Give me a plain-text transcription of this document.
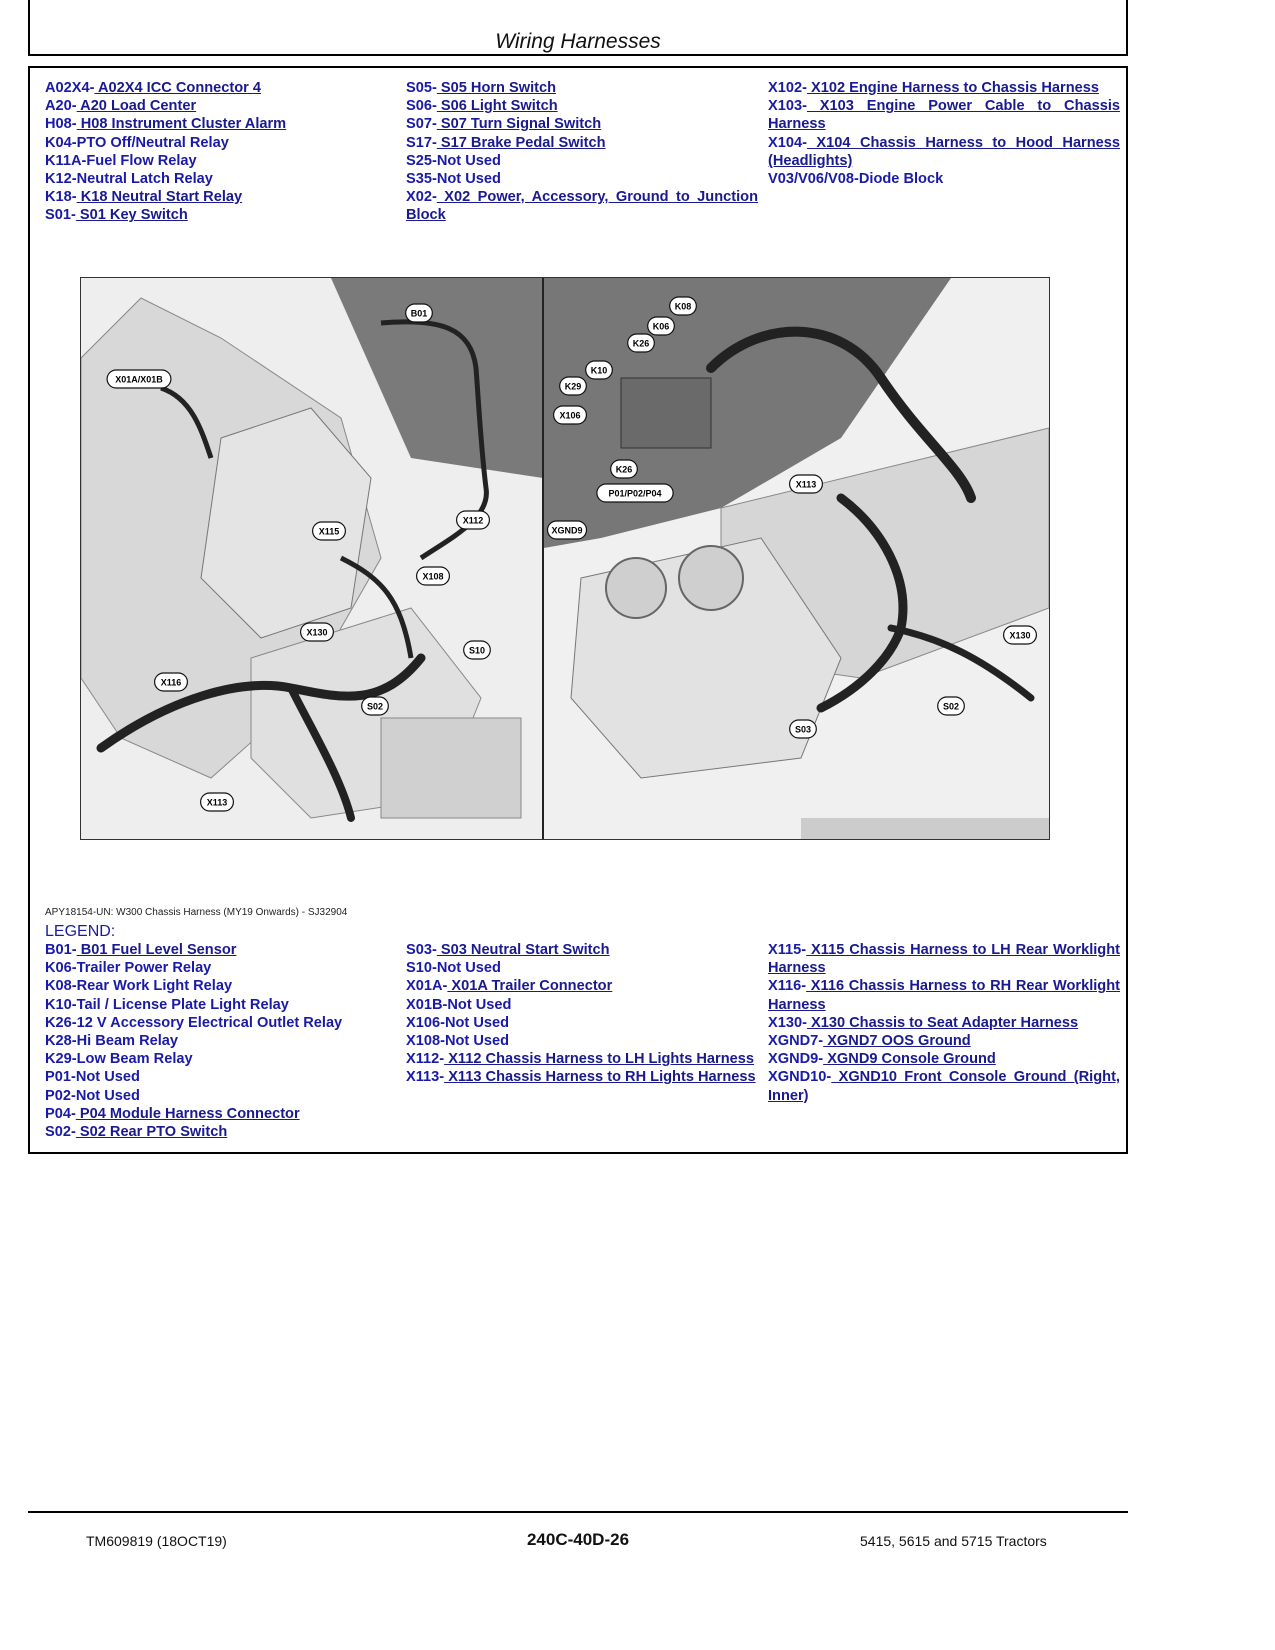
Wiring Harnesses
A02X4- A02X4 ICC Connector 4
A20- A20 Load Center
H08- H08 Instrument Cluster Alarm
K04-PTO Off/Neutral Relay
K11A-Fuel Flow Relay
K12-Neutral Latch Relay
K18- K18 Neutral Start Relay
S01- S01 Key Switch
S05- S05 Horn Switch
S06- S06 Light Switch
S07- S07 Turn Signal Switch
S17- S17 Brake Pedal Switch
S25-Not Used
S35-Not Used
X02- X02 Power, Accessory, Ground to Junction Block
X102- X102 Engine Harness to Chassis Harness
X103- X103 Engine Power Cable to Chassis Harness
X104- X104 Chassis Harness to Hood Harness (Headlights)
V03/V06/V08-Diode Block
B01
X01A/X01B
X115
X112
X108
X130
S10
X116
S02
X113
K08
K06
K26
K10
K29
X106
K26
P01/P02/P04
XGND9
X113
X130
S02
S03
APY18154-UN: W300 Chassis Harness (MY19 Onwards) - SJ32904
LEGEND:
B01- B01 Fuel Level Sensor
K06-Trailer Power Relay
K08-Rear Work Light Relay
K10-Tail / License Plate Light Relay
K26-12 V Accessory Electrical Outlet Relay
K28-Hi Beam Relay
K29-Low Beam Relay
P01-Not Used
P02-Not Used
P04- P04 Module Harness Connector
S02- S02 Rear PTO Switch
S03- S03 Neutral Start Switch
S10-Not Used
X01A- X01A Trailer Connector
X01B-Not Used
X106-Not Used
X108-Not Used
X112- X112 Chassis Harness to LH Lights Harness
X113- X113 Chassis Harness to RH Lights Harness
X115- X115 Chassis Harness to LH Rear Worklight Harness
X116- X116 Chassis Harness to RH Rear Worklight Harness
X130- X130 Chassis to Seat Adapter Harness
XGND7- XGND7 OOS Ground
XGND9- XGND9 Console Ground
XGND10- XGND10 Front Console Ground (Right, Inner)
TM609819 (18OCT19)	240C-40D-26	5415, 5615 and 5715 Tractors
